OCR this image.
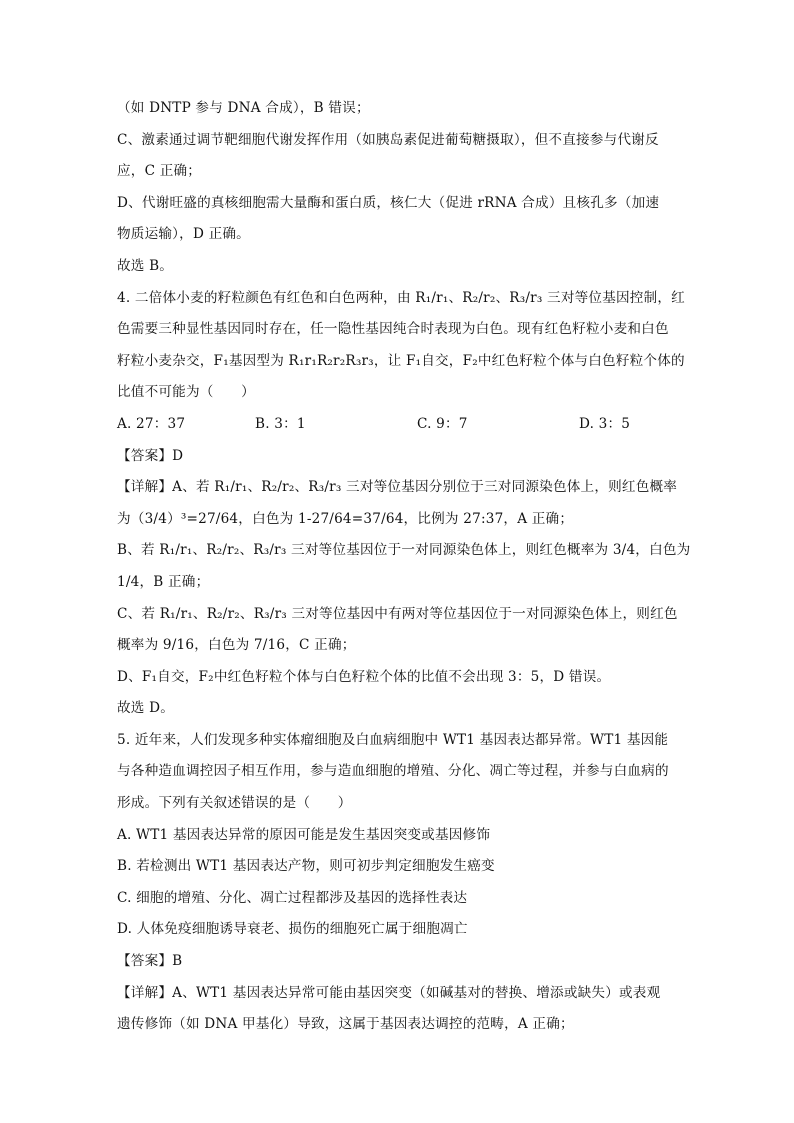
（如 DNTP 参与 DNA 合成），B 错误；
C、激素通过调节靶细胞代谢发挥作用（如胰岛素促进葡萄糖摄取），但不直接参与代谢反
应，C 正确；
D、代谢旺盛的真核细胞需大量酶和蛋白质，核仁大（促进 rRNA 合成）且核孔多（加速
物质运输），D 正确。
故选 B。
4. 二倍体小麦的籽粒颜色有红色和白色两种，由 R₁/r₁、R₂/r₂、R₃/r₃ 三对等位基因控制，红
色需要三种显性基因同时存在，任一隐性基因纯合时表现为白色。现有红色籽粒小麦和白色
籽粒小麦杂交，F₁基因型为 R₁r₁R₂r₂R₃r₃，让 F₁自交，F₂中红色籽粒个体与白色籽粒个体的
比值不可能为（　　）
A. 27：37	B. 3：1	C. 9：7	D. 3：5
【答案】D
【详解】A、若 R₁/r₁、R₂/r₂、R₃/r₃ 三对等位基因分别位于三对同源染色体上，则红色概率
为（3/4）³=27/64，白色为 1-27/64=37/64，比例为 27:37，A 正确；
B、若 R₁/r₁、R₂/r₂、R₃/r₃ 三对等位基因位于一对同源染色体上，则红色概率为 3/4，白色为
1/4，B 正确；
C、若 R₁/r₁、R₂/r₂、R₃/r₃ 三对等位基因中有两对等位基因位于一对同源染色体上，则红色
概率为 9/16，白色为 7/16，C 正确；
D、F₁自交，F₂中红色籽粒个体与白色籽粒个体的比值不会出现 3：5，D 错误。
故选 D。
5. 近年来，人们发现多种实体瘤细胞及白血病细胞中 WT1 基因表达都异常。WT1 基因能
与各种造血调控因子相互作用，参与造血细胞的增殖、分化、凋亡等过程，并参与白血病的
形成。下列有关叙述错误的是（　　）
A. WT1 基因表达异常的原因可能是发生基因突变或基因修饰
B. 若检测出 WT1 基因表达产物，则可初步判定细胞发生癌变
C. 细胞的增殖、分化、凋亡过程都涉及基因的选择性表达
D. 人体免疫细胞诱导衰老、损伤的细胞死亡属于细胞凋亡
【答案】B
【详解】A、WT1 基因表达异常可能由基因突变（如碱基对的替换、增添或缺失）或表观
遗传修饰（如 DNA 甲基化）导致，这属于基因表达调控的范畴，A 正确；
